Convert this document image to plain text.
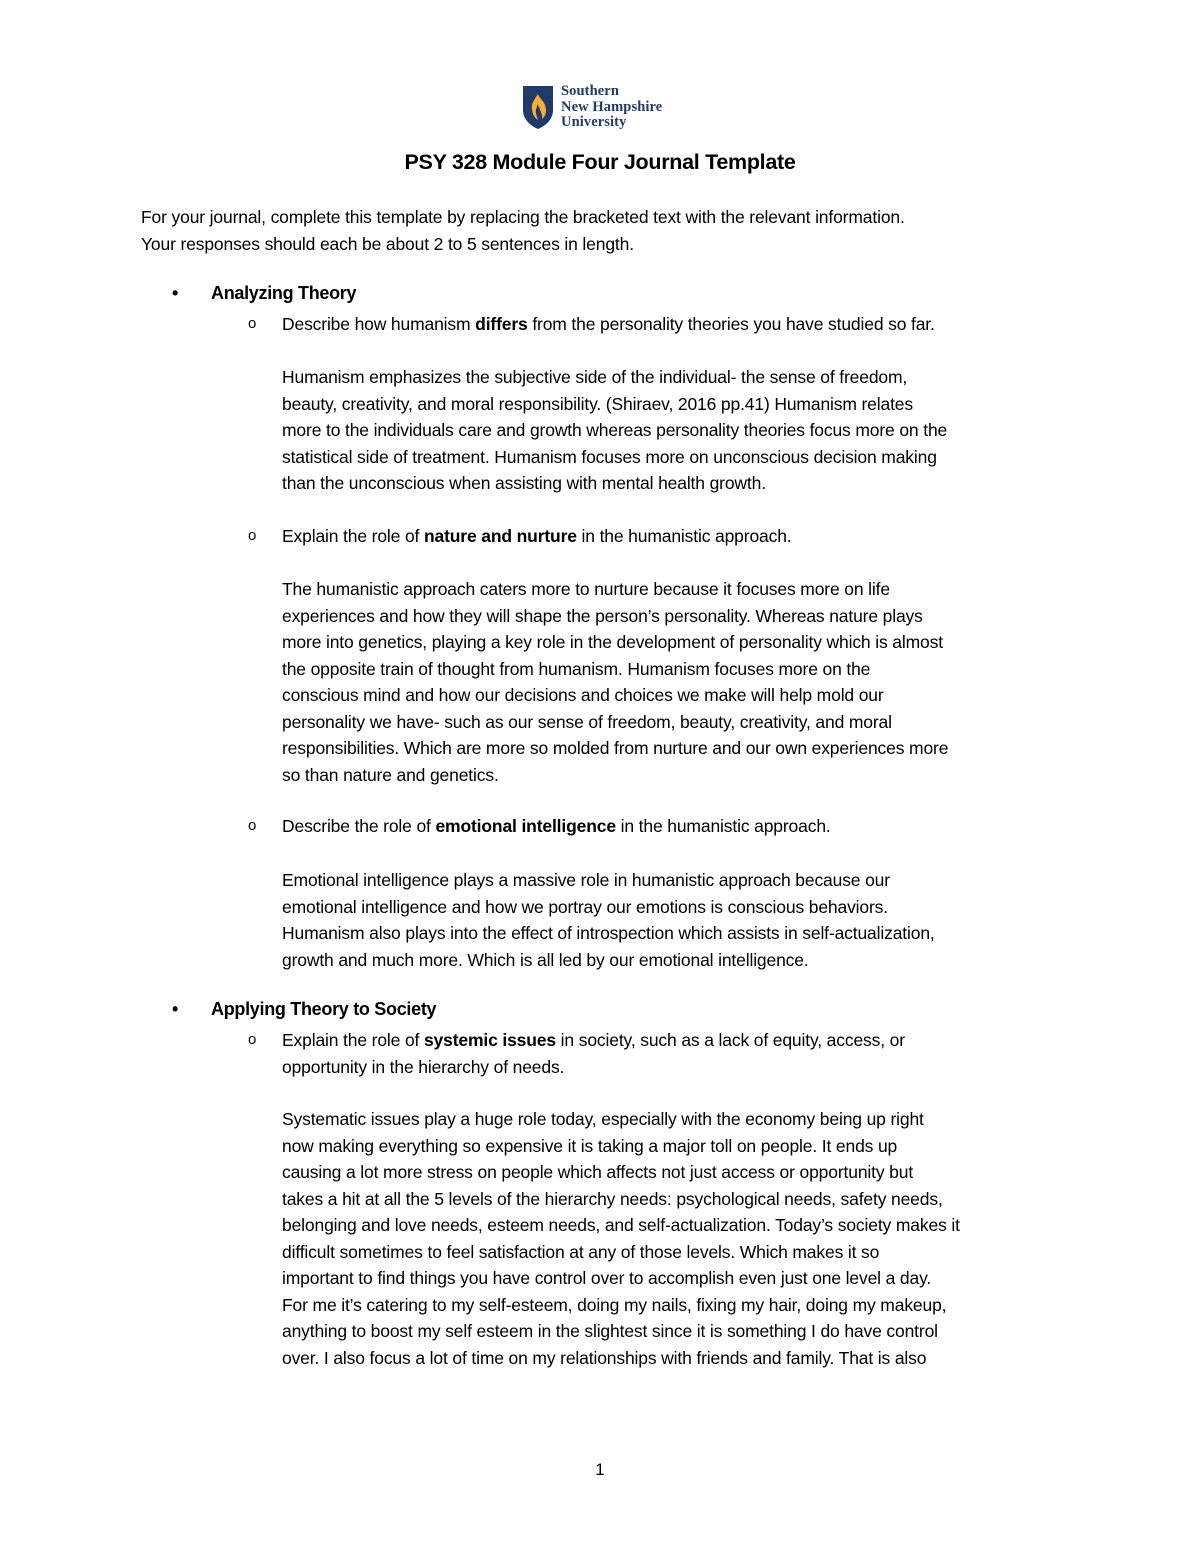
Southern
New Hampshire
University
PSY 328 Module Four Journal Template
For your journal, complete this template by replacing the bracketed text with the relevant information.
Your responses should each be about 2 to 5 sentences in length.
• Analyzing Theory
o Describe how humanism differs from the personality theories you have studied so far.
Humanism emphasizes the subjective side of the individual- the sense of freedom,
beauty, creativity, and moral responsibility. (Shiraev, 2016 pp.41) Humanism relates
more to the individuals care and growth whereas personality theories focus more on the
statistical side of treatment. Humanism focuses more on unconscious decision making
than the unconscious when assisting with mental health growth.
o Explain the role of nature and nurture in the humanistic approach.
The humanistic approach caters more to nurture because it focuses more on life
experiences and how they will shape the person’s personality. Whereas nature plays
more into genetics, playing a key role in the development of personality which is almost
the opposite train of thought from humanism. Humanism focuses more on the
conscious mind and how our decisions and choices we make will help mold our
personality we have- such as our sense of freedom, beauty, creativity, and moral
responsibilities. Which are more so molded from nurture and our own experiences more
so than nature and genetics.
o Describe the role of emotional intelligence in the humanistic approach.
Emotional intelligence plays a massive role in humanistic approach because our
emotional intelligence and how we portray our emotions is conscious behaviors.
Humanism also plays into the effect of introspection which assists in self-actualization,
growth and much more. Which is all led by our emotional intelligence.
• Applying Theory to Society
o Explain the role of systemic issues in society, such as a lack of equity, access, or
opportunity in the hierarchy of needs.
Systematic issues play a huge role today, especially with the economy being up right
now making everything so expensive it is taking a major toll on people. It ends up
causing a lot more stress on people which affects not just access or opportunity but
takes a hit at all the 5 levels of the hierarchy needs: psychological needs, safety needs,
belonging and love needs, esteem needs, and self-actualization. Today’s society makes it
difficult sometimes to feel satisfaction at any of those levels. Which makes it so
important to find things you have control over to accomplish even just one level a day.
For me it’s catering to my self-esteem, doing my nails, fixing my hair, doing my makeup,
anything to boost my self esteem in the slightest since it is something I do have control
over. I also focus a lot of time on my relationships with friends and family. That is also
1
